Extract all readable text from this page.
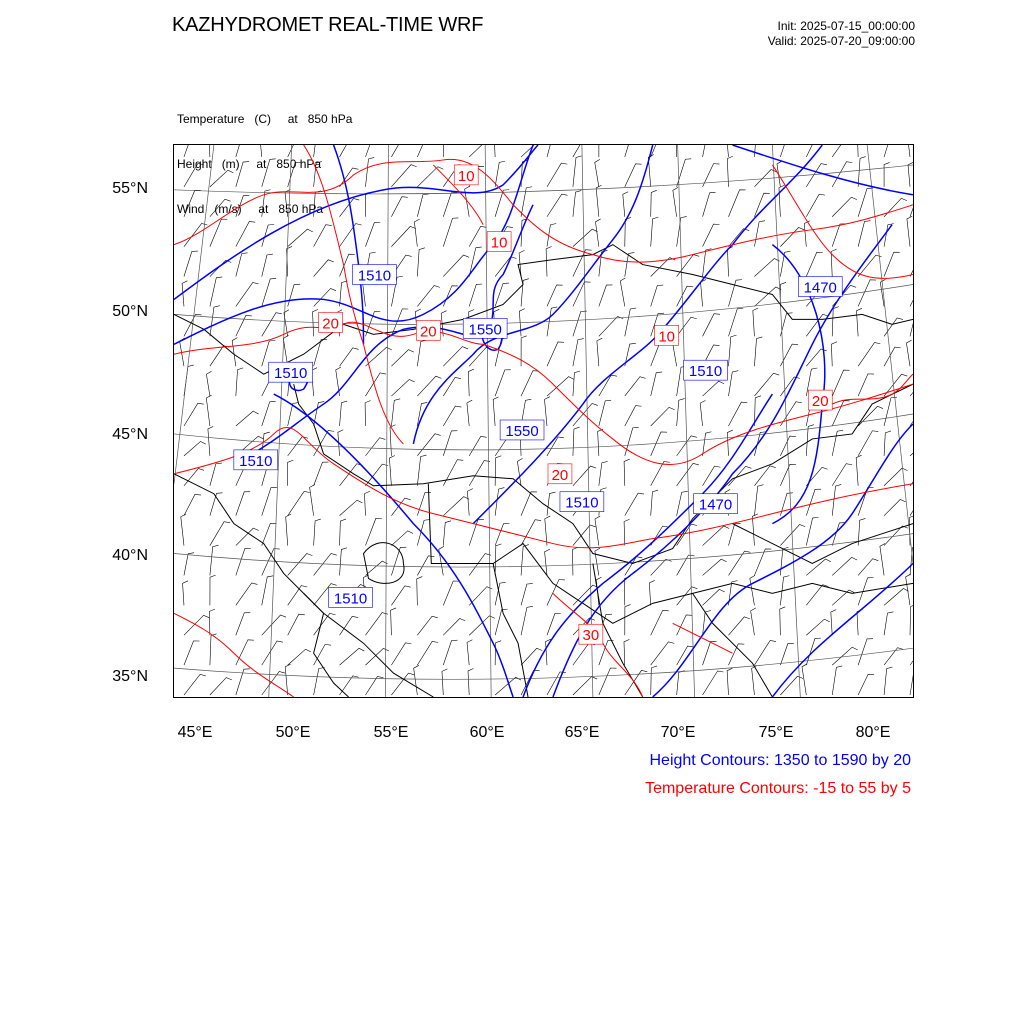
KAZHYDROMET REAL-TIME WRF	Init: 2025-07-15_00:00:00
Valid: 2025-07-20_09:00:00

Temperature   (C)     at   850 hPa

Height   (m)     at   850 hPa

Wind   (m/s)     at   850 hPa

1510
1550
1510
1510
1550
1510
1470
1510	1470
1510
10
10
20	20	10
20
20
30
55°N
50°N
45°N
40°N
35°N
45°E	50°E	55°E	60°E	65°E	70°E	75°E	80°E
Height Contours: 1350 to 1590 by 20
Temperature Contours: -15 to 55 by 5
